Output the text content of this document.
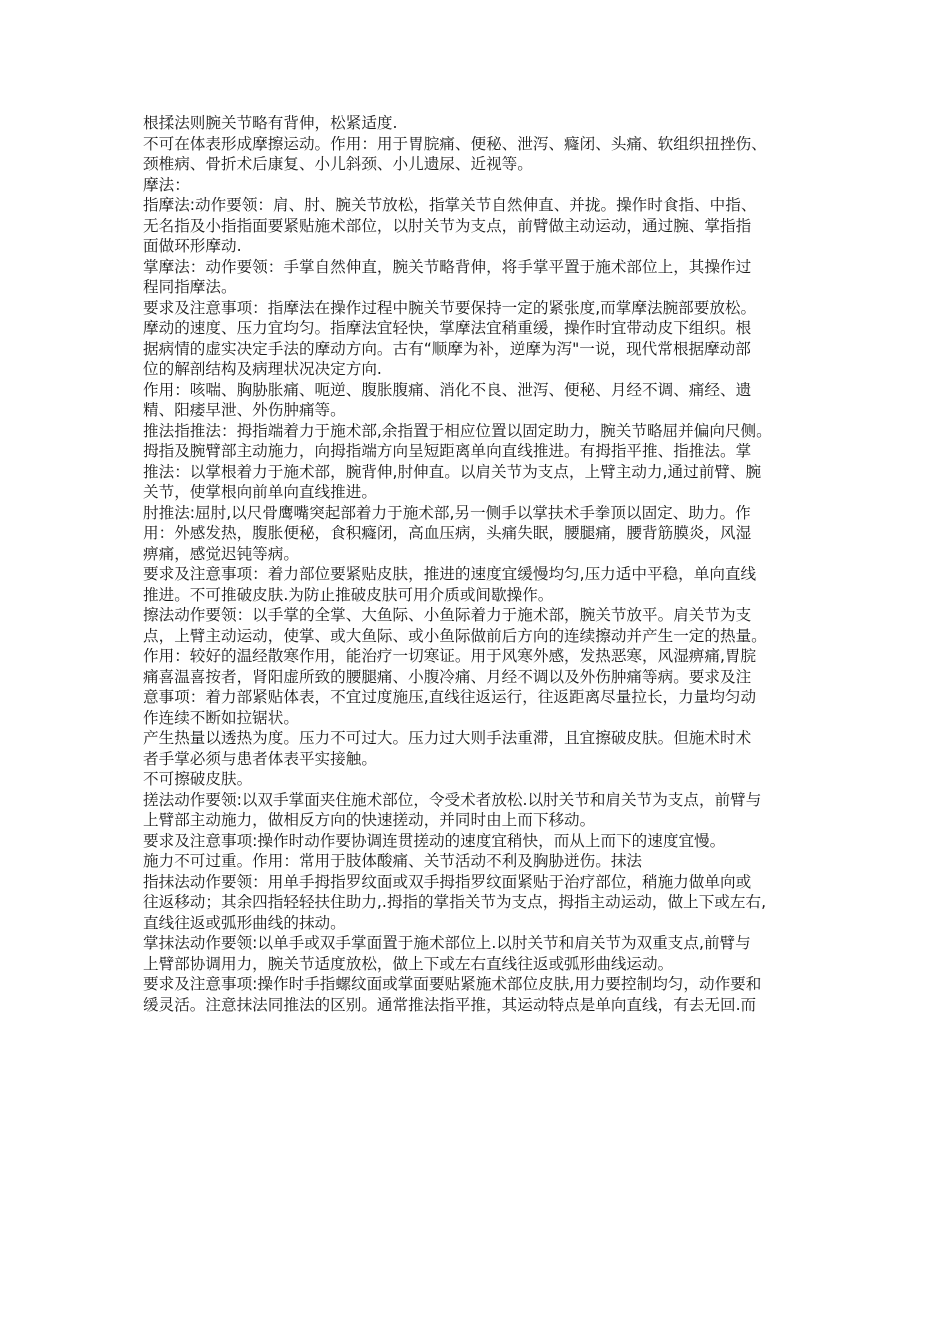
根揉法则腕关节略有背伸，松紧适度.

不可在体表形成摩擦运动。作用：用于胃脘痛、便秘、泄泻、癃闭、头痛、软组织扭挫伤、

颈椎病、骨折术后康复、小儿斜颈、小儿遗尿、近视等。

摩法：

指摩法:动作要领：肩、肘、腕关节放松，指掌关节自然伸直、并拢。操作时食指、中指、

无名指及小指指面要紧贴施术部位，以肘关节为支点，前臂做主动运动，通过腕、掌指指

面做环形摩动.

掌摩法：动作要领：手掌自然伸直，腕关节略背伸，将手掌平置于施术部位上，其操作过

程同指摩法。

要求及注意事项：指摩法在操作过程中腕关节要保持一定的紧张度,而掌摩法腕部要放松。

摩动的速度、压力宜均匀。指摩法宜轻快，掌摩法宜稍重缓，操作时宜带动皮下组织。根

据病情的虚实决定手法的摩动方向。古有“顺摩为补，逆摩为泻"一说，现代常根据摩动部

位的解剖结构及病理状况决定方向.

作用：咳喘、胸胁胀痛、呃逆、腹胀腹痛、消化不良、泄泻、便秘、月经不调、痛经、遗

精、阳痿早泄、外伤肿痛等。

推法指推法：拇指端着力于施术部,余指置于相应位置以固定助力，腕关节略屈并偏向尺侧。

拇指及腕臂部主动施力，向拇指端方向呈短距离单向直线推进。有拇指平推、指推法。掌

推法：以掌根着力于施术部，腕背伸,肘伸直。以肩关节为支点，上臂主动力,通过前臂、腕

关节，使掌根向前单向直线推进。

肘推法:屈肘,以尺骨鹰嘴突起部着力于施术部,另一侧手以掌扶术手拳顶以固定、助力。作

用：外感发热，腹胀便秘，食积癃闭，高血压病，头痛失眠，腰腿痛，腰背筋膜炎，风湿

痹痛，感觉迟钝等病。

要求及注意事项：着力部位要紧贴皮肤，推进的速度宜缓慢均匀,压力适中平稳，单向直线

推进。不可推破皮肤.为防止推破皮肤可用介质或间歇操作。

擦法动作要领：以手掌的全掌、大鱼际、小鱼际着力于施术部，腕关节放平。肩关节为支

点，上臂主动运动，使掌、或大鱼际、或小鱼际做前后方向的连续擦动并产生一定的热量。

作用：较好的温经散寒作用，能治疗一切寒证。用于风寒外感，发热恶寒，风湿痹痛,胃脘

痛喜温喜按者，肾阳虚所致的腰腿痛、小腹冷痛、月经不调以及外伤肿痛等病。要求及注

意事项：着力部紧贴体表，不宜过度施压,直线往返运行，往返距离尽量拉长，力量均匀动

作连续不断如拉锯状。

产生热量以透热为度。压力不可过大。压力过大则手法重滞，且宜擦破皮肤。但施术时术

者手掌必须与患者体表平实接触。

不可擦破皮肤。

搓法动作要领:以双手掌面夹住施术部位，令受术者放松.以肘关节和肩关节为支点，前臂与

上臂部主动施力，做相反方向的快速搓动，并同时由上而下移动。

要求及注意事项:操作时动作要协调连贯搓动的速度宜稍快，而从上而下的速度宜慢。

施力不可过重。作用：常用于肢体酸痛、关节活动不利及胸胁迸伤。抹法

指抹法动作要领：用单手拇指罗纹面或双手拇指罗纹面紧贴于治疗部位，稍施力做单向或

往返移动；其余四指轻轻扶住助力,.拇指的掌指关节为支点，拇指主动运动，做上下或左右,

直线往返或弧形曲线的抹动。

掌抹法动作要领:以单手或双手掌面置于施术部位上.以肘关节和肩关节为双重支点,前臂与

上臂部协调用力，腕关节适度放松，做上下或左右直线往返或弧形曲线运动。

要求及注意事项:操作时手指螺纹面或掌面要贴紧施术部位皮肤,用力要控制均匀，动作要和

缓灵活。注意抹法同推法的区别。通常推法指平推，其运动特点是单向直线，有去无回.而
